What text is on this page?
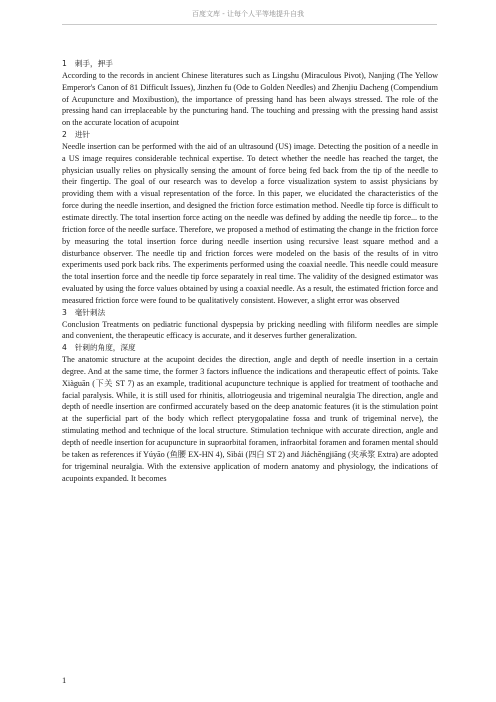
百度文库 - 让每个人平等地提升自我

1 刺手，押手

According to the records in ancient Chinese literatures such as Lingshu (Miraculous Pivot), Nanjing (The Yellow Emperor's Canon of 81 Difficult Issues), Jinzhen fu (Ode to Golden Needles) and Zhenjiu Dacheng (Compendium of Acupuncture and Moxibustion), the importance of pressing hand has been always stressed. The role of the pressing hand can irreplaceable by the puncturing hand. The touching and pressing with the pressing hand assist on the accurate location of acupoint

2 进针

Needle insertion can be performed with the aid of an ultrasound (US) image. Detecting the position of a needle in a US image requires considerable technical expertise. To detect whether the needle has reached the target, the physician usually relies on physically sensing the amount of force being fed back from the tip of the needle to their fingertip. The goal of our research was to develop a force visualization system to assist physicians by providing them with a visual representation of the force. In this paper, we elucidated the characteristics of the force during the needle insertion, and designed the friction force estimation method. Needle tip force is difficult to estimate directly. The total insertion force acting on the needle was defined by adding the needle tip force... to the friction force of the needle surface. Therefore, we proposed a method of estimating the change in the friction force by measuring the total insertion force during needle insertion using recursive least square method and a disturbance observer. The needle tip and friction forces were modeled on the basis of the results of in vitro experiments used pork back ribs. The experiments performed using the coaxial needle. This needle could measure the total insertion force and the needle tip force separately in real time. The validity of the designed estimator was evaluated by using the force values obtained by using a coaxial needle. As a result, the estimated friction force and measured friction force were found to be qualitatively consistent. However, a slight error was observed

3 毫针刺法

Conclusion Treatments on pediatric functional dyspepsia by pricking needling with filiform needles are simple and convenient, the therapeutic efficacy is accurate, and it deserves further generalization.

4 针刺的角度，深度

The anatomic structure at the acupoint decides the direction, angle and depth of needle insertion in a certain degree. And at the same time, the former 3 factors influence the indications and therapeutic effect of points. Take Xiàguān (下关 ST 7) as an example, traditional acupuncture technique is applied for treatment of toothache and facial paralysis. While, it is still used for rhinitis, allotriogeusia and trigeminal neuralgia The direction, angle and depth of needle insertion are confirmed accurately based on the deep anatomic features (it is the stimulation point at the superficial part of the body which reflect pterygopalatine fossa and trunk of trigeminal nerve), the stimulating method and technique of the local structure. Stimulation technique with accurate direction, angle and depth of needle insertion for acupuncture in supraorbital foramen, infraorbital foramen and foramen mental should be taken as references if Yúyāo (鱼腰 EX-HN 4), Sìbái (四白 ST 2) and Jiáchēngjiāng (夹承浆 Extra) are adopted for trigeminal neuralgia. With the extensive application of modern anatomy and physiology, the indications of acupoints expanded. It becomes

1
